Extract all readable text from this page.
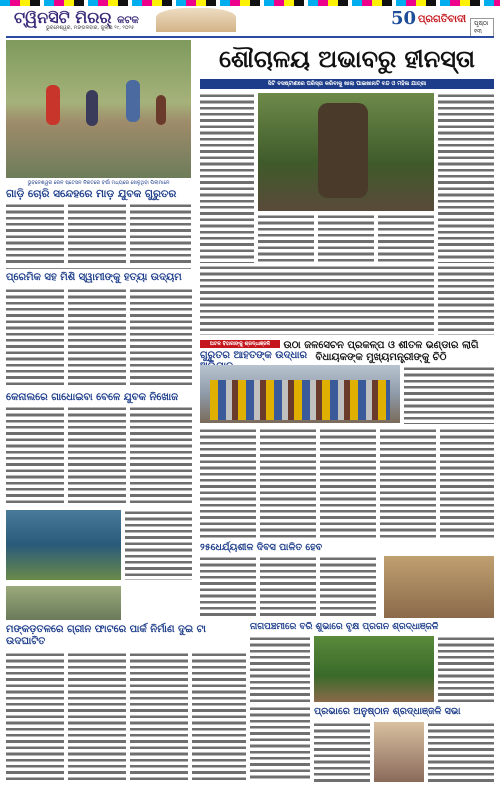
ଟ୍ୱିନସିଟି ମିରର୍ କଟକ
ଭୁବନେଶ୍ୱର, ମଙ୍ଗଳବାର, ଜୁଲାଇ ୨୯, ୨୦୨୫	50 ପ୍ରଗତିବାଦୀ	ପୃଷ୍ଠା ୧୩
ଭୁବନେଶ୍ୱର ରେଳ ଷ୍ଟେସନ ନିକଟରେ ବର୍ଷା ମଧ୍ୟରେ ଖେଳୁଥିବା ପିଲାମାନେ
ଗାଡ଼ି ଚୋରି ସନ୍ଦେହରେ ମାଡ଼ ଯୁବକ ଗୁରୁତର
ଶୌଚାଳୟ ଅଭାବରୁ ହୀନସ୍ତା
ସିଟି ବସଷ୍ଟାଣରେ ପରିସ୍ତା କରିବାକୁ ଖାଲା ପାଇଖାନାଟି ବନ୍ଦ ଓ ମହିଳା ଯାତ୍ରୀ
ପ୍ରେମିକ ସହ ମିଶି ସ୍ୱାମୀଙ୍କୁ ହତ୍ୟା ଉଦ୍ୟମ
ଅଟଳ ବିହାରୀଙ୍କୁ ଶ୍ରଦ୍ଧାଞ୍ଜଳି
ଗୁରୁତର ଆହତଙ୍କ ଉଦ୍ଧାର
ଉଠା ଜଳସେଚନ ପ୍ରକଳ୍ପ ଓ ଶୀତଳ ଭଣ୍ଡାର ଲାଗି ବିଧାୟକଙ୍କ ମୁଖ୍ୟମନ୍ତ୍ରୀଙ୍କୁ ଚିଠି
କେନାଲରେ ଗାଧୋଇବା ବେଳେ ଯୁବକ ନିଖୋଜ
୨୫ଧେର୍ଯ୍ୟଶୀଳ ଦିବସ ପାଳିତ ହେବ
ନାଗପଞ୍ଚମୀରେ ବରି ଶୁଭାରେ ବୃକ୍ଷ ପ୍ରଗନ ଶ୍ରଦ୍ଧାଞ୍ଜଳି
ମଙ୍କଡ଼ତଳରେ ଗ୍ରୀନ ଫାଟରେ ପାର୍କ ନିର୍ମାଣ ଦୁଇ ଟା ଉଦଘାଟିତ
ପ୍ରଭାରେ ଅନୁଷ୍ଠାନ ଶ୍ରଦ୍ଧାଞ୍ଜଳି ସଭା
